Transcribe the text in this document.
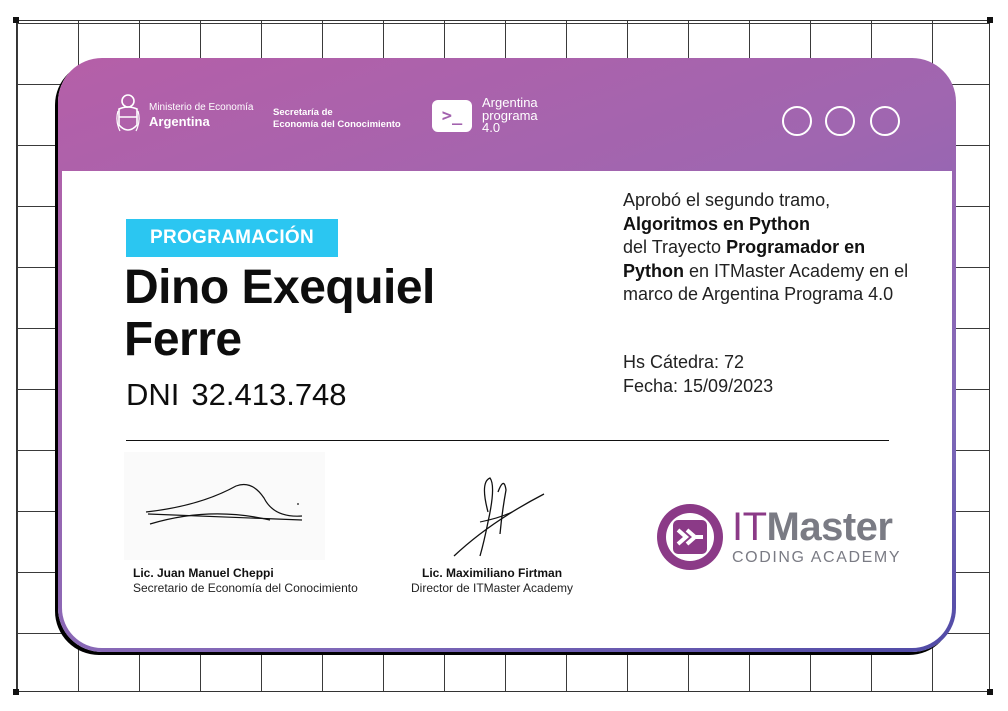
Ministerio de Economía
Argentina
Secretaría de
Economía del Conocimiento	>_
Argentina
programa
4.0
PROGRAMACIÓN
Dino Exequiel
Ferre
DNI 32.413.748
Aprobó el segundo tramo,
Algoritmos en Python
del Trayecto Programador en Python en ITMaster Academy en el marco de Argentina Programa 4.0
Hs Cátedra: 72
Fecha: 15/09/2023
Lic. Juan Manuel Cheppi
Secretario de Economía del Conocimiento
Lic. Maximiliano Firtman
Director de ITMaster Academy
ITMaster
CODING ACADEMY
